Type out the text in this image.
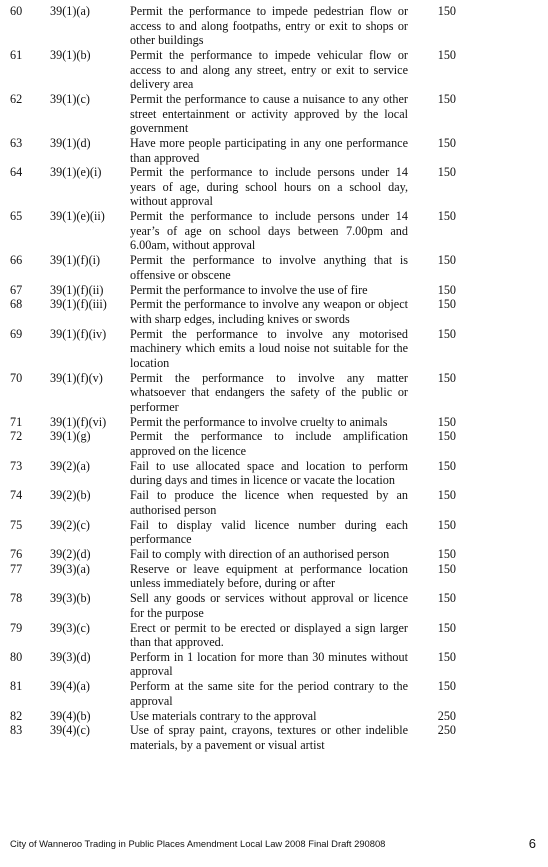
​
60	39(1)(a)	Permit the performance to impede pedestrian flow or access to and along footpaths, entry or exit to shops or other buildings	150
61	39(1)(b)	Permit the performance to impede vehicular flow or access to and along any street, entry or exit to service delivery area	150
62	39(1)(c)	Permit the performance to cause a nuisance to any other street entertainment or activity approved by the local government	150
63	39(1)(d)	Have more people participating in any one performance than approved	150
64	39(1)(e)(i)	Permit the performance to include persons under 14 years of age, during school hours on a school day, without approval	150
65	39(1)(e)(ii)	Permit the performance to include persons under 14 year’s of age on school days between 7.00pm and 6.00am, without approval	150
66	39(1)(f)(i)	Permit the performance to involve anything that is offensive or obscene	150
67	39(1)(f)(ii)	Permit the performance to involve the use of fire	150
68	39(1)(f)(iii)	Permit the performance to involve any weapon or object with sharp edges, including knives or swords	150
69	39(1)(f)(iv)	Permit the performance to involve any motorised machinery which emits a loud noise not suitable for the location	150
70	39(1)(f)(v)	Permit the performance to involve any matter whatsoever that endangers the safety of the public or performer	150
71	39(1)(f)(vi)	Permit the performance to involve cruelty to animals	150
72	39(1)(g)	Permit the performance to include amplification approved on the licence	150
73	39(2)(a)	Fail to use allocated space and location to perform during days and times in licence or vacate the location	150
74	39(2)(b)	Fail to produce the licence when requested by an authorised person	150
75	39(2)(c)	Fail to display valid licence number during each performance	150
76	39(2)(d)	Fail to comply with direction of an authorised person	150
77	39(3)(a)	Reserve or leave equipment at performance location unless immediately before, during or after	150
78	39(3)(b)	Sell any goods or services without approval or licence for the purpose	150
79	39(3)(c)	Erect or permit to be erected or displayed a sign larger than that approved.	150
80	39(3)(d)	Perform in 1 location for more than 30 minutes without approval	150
81	39(4)(a)	Perform at the same site for the period contrary to the approval	150
82	39(4)(b)	Use materials contrary to the approval	250
83	39(4)(c)	Use of spray paint, crayons, textures or other indelible materials, by a pavement or visual artist	250
City of Wanneroo Trading in Public Places Amendment Local Law 2008 Final Draft 290808	6
